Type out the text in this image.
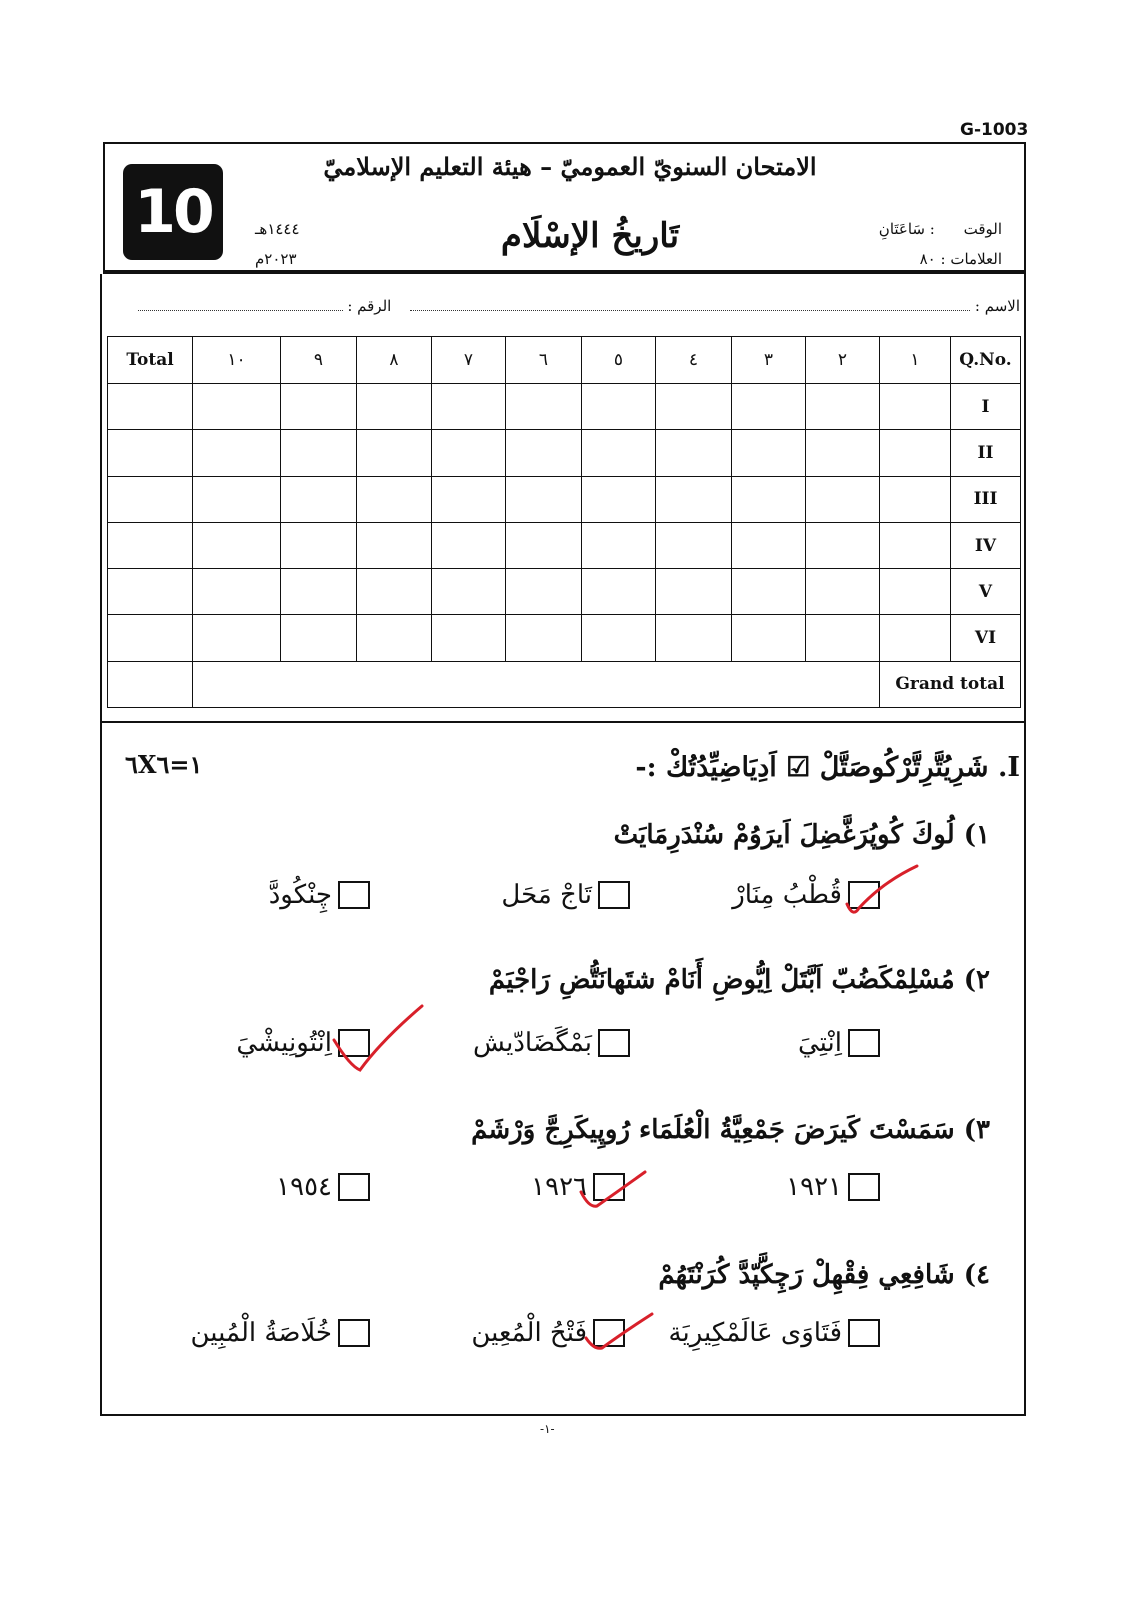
G-1003
10
الامتحان السنويّ العموميّ – هيئة التعليم الإسلاميّ
تَاريخُ الإسْلَام
١٤٤٤هـ
٢٠٢٣م
الوقت : سَاعَتَانِ
العلامات : ٨٠
الاسم :  الرقم :
Total	١٠	٩	٨	٧	٦	٥	٤	٣	٢	١	Q.No.
											I
											II
											III
											IV
											V
											VI
										Grand total	
I. شَرِيُتَّرِتَّرْكُوصَتَّلْ ☑ اَدِيَاضِيِّدُتُكْ :-
٦X١=٦
١) لُوكَ كُوپُرَغَّضِلَ اَيرَوُمْ سُنْدَرِمَايَتْ
قُطْبُ مِنَارْ
تَاجْ مَحَل
چِنْكُودَّ
٢) مُسْلِمْكَضُبّ اَبَّتَلْ اِيُّوضِ أَنَامْ شتَهانَتُّضِ رَاجْيَمْ
اِنْتِيَ
بَمْگَضَادّيش
اِنْتُونِيشْيَ
٣) سَمَسْتَ كَيرَضَ جَمْعِيَّةُ الْعُلَمَاء رُوپِيكَرِجَّ وَرْشَمْ
١٩٢١
١٩٢٦
١٩٥٤
٤) شَافِعِي فِقْهِلْ رَچِكَّپّدَّ كُرَنْتَهُمْ
فَتَاوَى عَالَمْكِيرِيَة
فَتْحُ الْمُعِين
خُلَاصَةُ الْمُبِين
-١-
